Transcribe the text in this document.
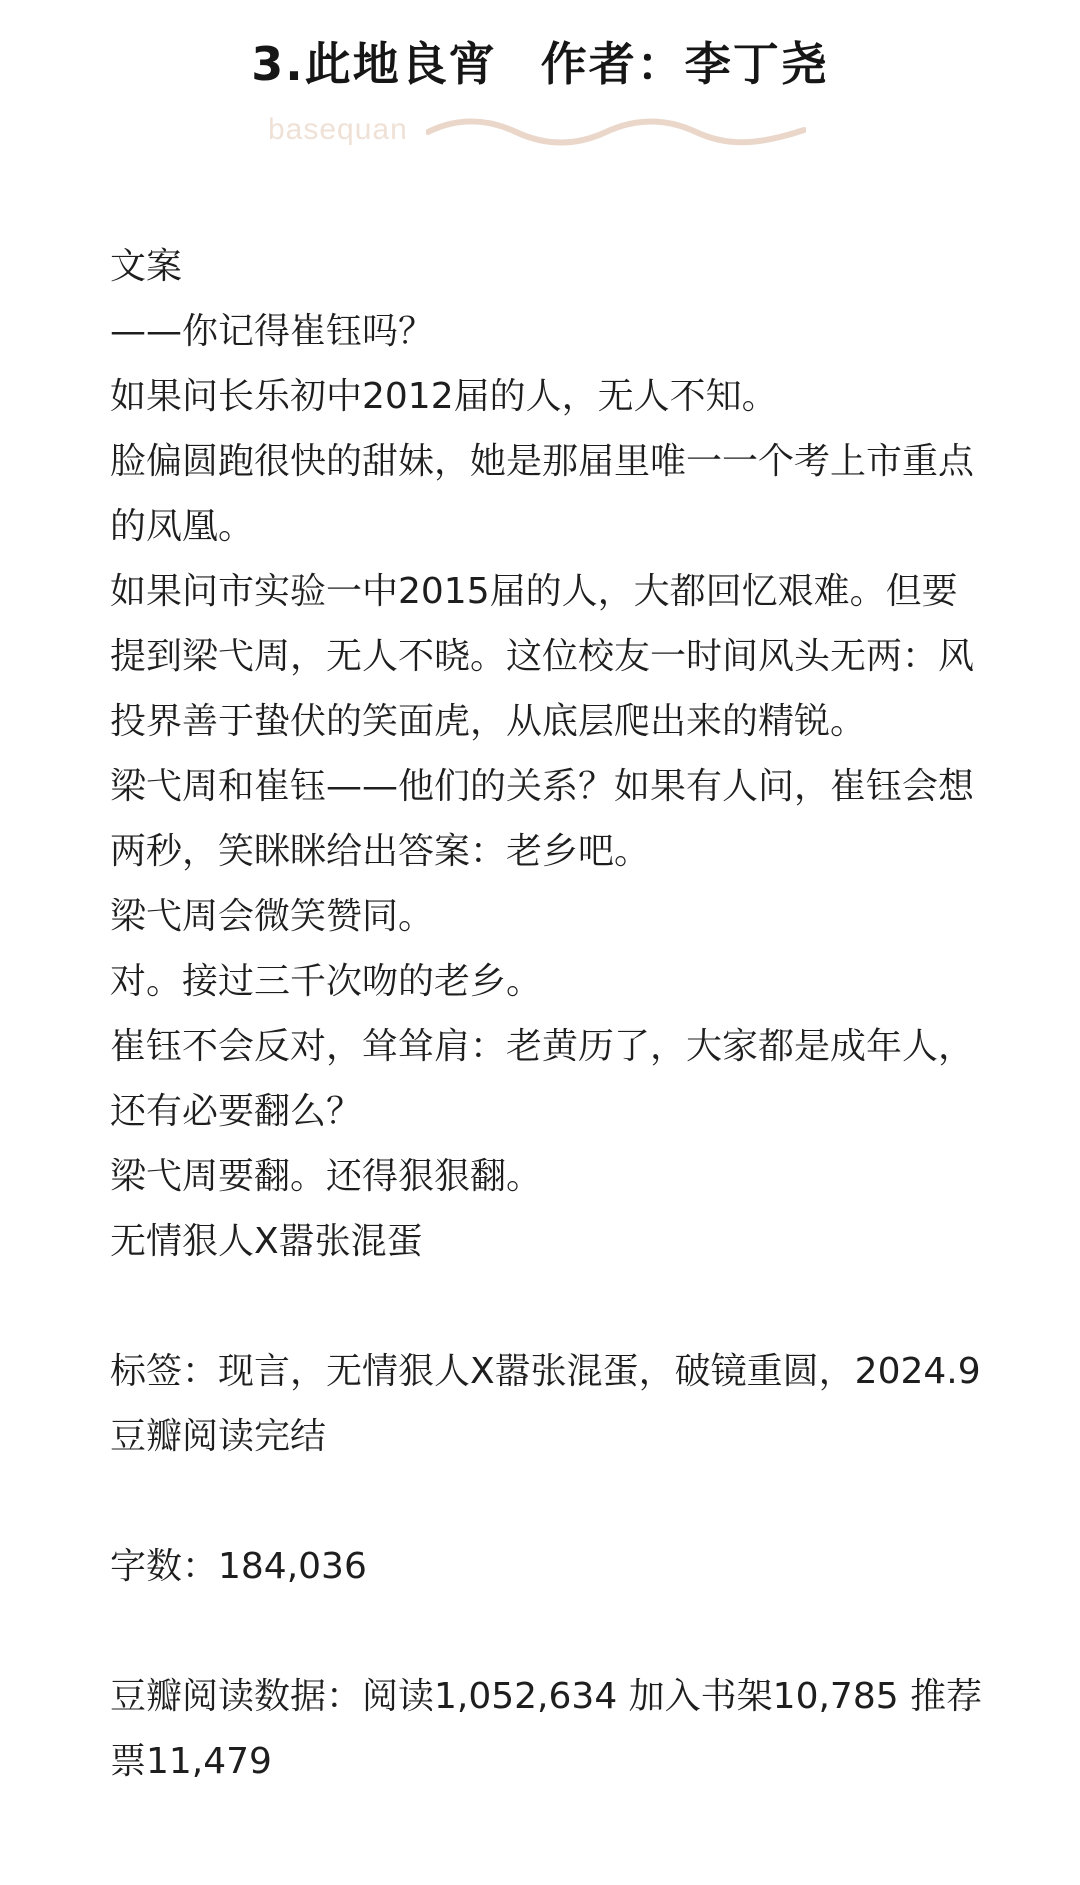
3.此地良宵 作者：李丁尧
basequan

文案

——你记得崔钰吗？

如果问长乐初中2012届的人，无人不知。

脸偏圆跑很快的甜妹，她是那届里唯一一个考上市重点的凤凰。

如果问市实验一中2015届的人，大都回忆艰难。但要提到梁弋周，无人不晓。这位校友一时间风头无两：风投界善于蛰伏的笑面虎，从底层爬出来的精锐。

梁弋周和崔钰——他们的关系？如果有人问，崔钰会想两秒，笑眯眯给出答案：老乡吧。

梁弋周会微笑赞同。

对。接过三千次吻的老乡。

崔钰不会反对，耸耸肩：老黄历了，大家都是成年人，还有必要翻么？

梁弋周要翻。还得狠狠翻。

无情狠人X嚣张混蛋

标签：现言，无情狠人X嚣张混蛋，破镜重圆，2024.9豆瓣阅读完结

字数：184,036

豆瓣阅读数据：阅读1,052,634 加入书架10,785 推荐票11,479
